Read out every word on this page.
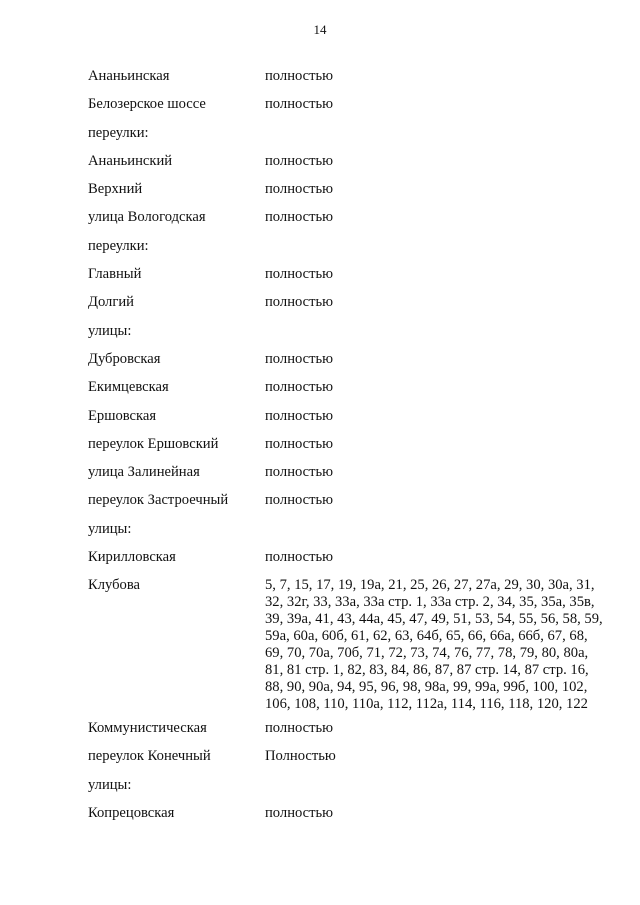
14
Ананьинская	полностью
Белозерское шоссе	полностью
переулки:
Ананьинский	полностью
Верхний	полностью
улица Вологодская	полностью
переулки:
Главный	полностью
Долгий	полностью
улицы:
Дубровская	полностью
Екимцевская	полностью
Ершовская	полностью
переулок Ершовский	полностью
улица Залинейная	полностью
переулок Застроечный	полностью
улицы:
Кирилловская	полностью
Клубова	5, 7, 15, 17, 19, 19а, 21, 25, 26, 27, 27а, 29, 30, 30а, 31,
32, 32г, 33, 33а, 33а стр. 1, 33а стр. 2, 34, 35, 35а, 35в,
39, 39а, 41, 43, 44а, 45, 47, 49, 51, 53, 54, 55, 56, 58, 59,
59а, 60а, 60б, 61, 62, 63, 64б, 65, 66, 66а, 66б, 67, 68,
69, 70, 70а, 70б, 71, 72, 73, 74, 76, 77, 78, 79, 80, 80а,
81, 81 стр. 1, 82, 83, 84, 86, 87, 87 стр. 14, 87 стр. 16,
88, 90, 90а, 94, 95, 96, 98, 98а, 99, 99а, 99б, 100, 102,
106, 108, 110, 110а, 112, 112а, 114, 116, 118, 120, 122
Коммунистическая	полностью
переулок Конечный	Полностью
улицы:
Копрецовская	полностью
